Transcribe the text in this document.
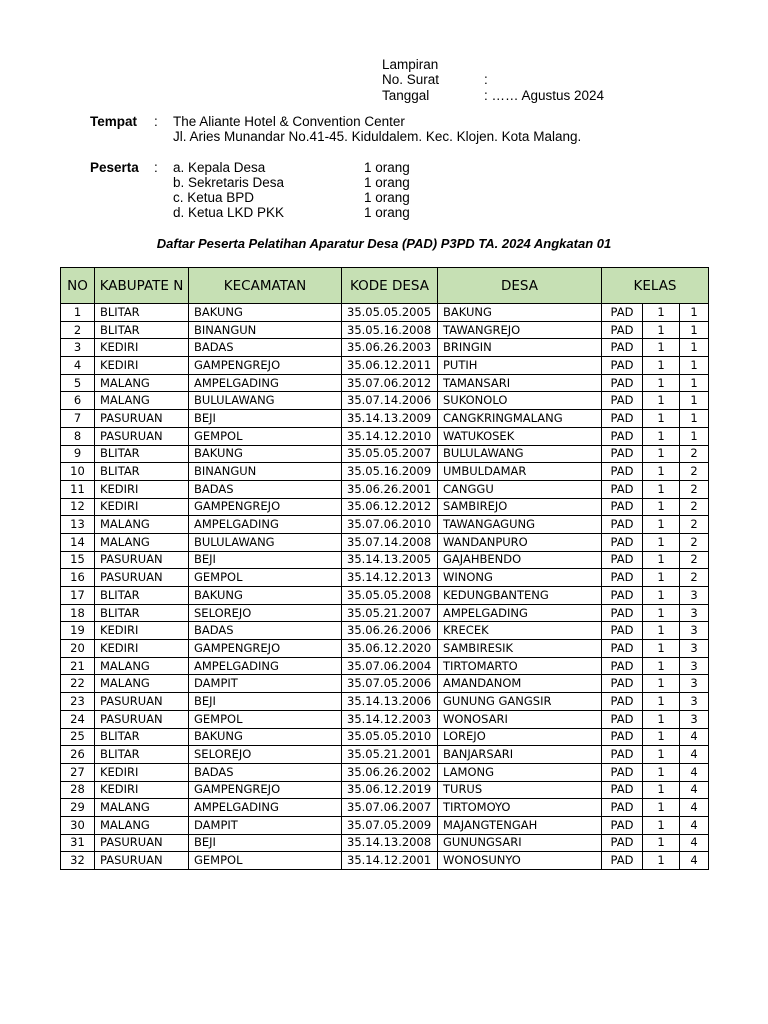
Lampiran
No. Surat	:
Tanggal	: …… Agustus 2024
Tempat : The Aliante Hotel & Convention Center
Jl. Aries Munandar No.41-45. Kiduldalem. Kec. Klojen. Kota Malang.
Peserta : a. Kepala Desa	1 orang
b. Sekretaris Desa	1 orang
c. Ketua BPD	1 orang
d. Ketua LKD PKK	1 orang
Daftar Peserta Pelatihan Aparatur Desa (PAD) P3PD TA. 2024 Angkatan 01
NO	KABUPATE N	KECAMATAN	KODE DESA	DESA	KELAS		
1	BLITAR	BAKUNG	35.05.05.2005	BAKUNG	PAD	1	1
2	BLITAR	BINANGUN	35.05.16.2008	TAWANGREJO	PAD	1	1
3	KEDIRI	BADAS	35.06.26.2003	BRINGIN	PAD	1	1
4	KEDIRI	GAMPENGREJO	35.06.12.2011	PUTIH	PAD	1	1
5	MALANG	AMPELGADING	35.07.06.2012	TAMANSARI	PAD	1	1
6	MALANG	BULULAWANG	35.07.14.2006	SUKONOLO	PAD	1	1
7	PASURUAN	BEJI	35.14.13.2009	CANGKRINGMALANG	PAD	1	1
8	PASURUAN	GEMPOL	35.14.12.2010	WATUKOSEK	PAD	1	1
9	BLITAR	BAKUNG	35.05.05.2007	BULULAWANG	PAD	1	2
10	BLITAR	BINANGUN	35.05.16.2009	UMBULDAMAR	PAD	1	2
11	KEDIRI	BADAS	35.06.26.2001	CANGGU	PAD	1	2
12	KEDIRI	GAMPENGREJO	35.06.12.2012	SAMBIREJO	PAD	1	2
13	MALANG	AMPELGADING	35.07.06.2010	TAWANGAGUNG	PAD	1	2
14	MALANG	BULULAWANG	35.07.14.2008	WANDANPURO	PAD	1	2
15	PASURUAN	BEJI	35.14.13.2005	GAJAHBENDO	PAD	1	2
16	PASURUAN	GEMPOL	35.14.12.2013	WINONG	PAD	1	2
17	BLITAR	BAKUNG	35.05.05.2008	KEDUNGBANTENG	PAD	1	3
18	BLITAR	SELOREJO	35.05.21.2007	AMPELGADING	PAD	1	3
19	KEDIRI	BADAS	35.06.26.2006	KRECEK	PAD	1	3
20	KEDIRI	GAMPENGREJO	35.06.12.2020	SAMBIRESIK	PAD	1	3
21	MALANG	AMPELGADING	35.07.06.2004	TIRTOMARTO	PAD	1	3
22	MALANG	DAMPIT	35.07.05.2006	AMANDANOM	PAD	1	3
23	PASURUAN	BEJI	35.14.13.2006	GUNUNG GANGSIR	PAD	1	3
24	PASURUAN	GEMPOL	35.14.12.2003	WONOSARI	PAD	1	3
25	BLITAR	BAKUNG	35.05.05.2010	LOREJO	PAD	1	4
26	BLITAR	SELOREJO	35.05.21.2001	BANJARSARI	PAD	1	4
27	KEDIRI	BADAS	35.06.26.2002	LAMONG	PAD	1	4
28	KEDIRI	GAMPENGREJO	35.06.12.2019	TURUS	PAD	1	4
29	MALANG	AMPELGADING	35.07.06.2007	TIRTOMOYO	PAD	1	4
30	MALANG	DAMPIT	35.07.05.2009	MAJANGTENGAH	PAD	1	4
31	PASURUAN	BEJI	35.14.13.2008	GUNUNGSARI	PAD	1	4
32	PASURUAN	GEMPOL	35.14.12.2001	WONOSUNYO	PAD	1	4
